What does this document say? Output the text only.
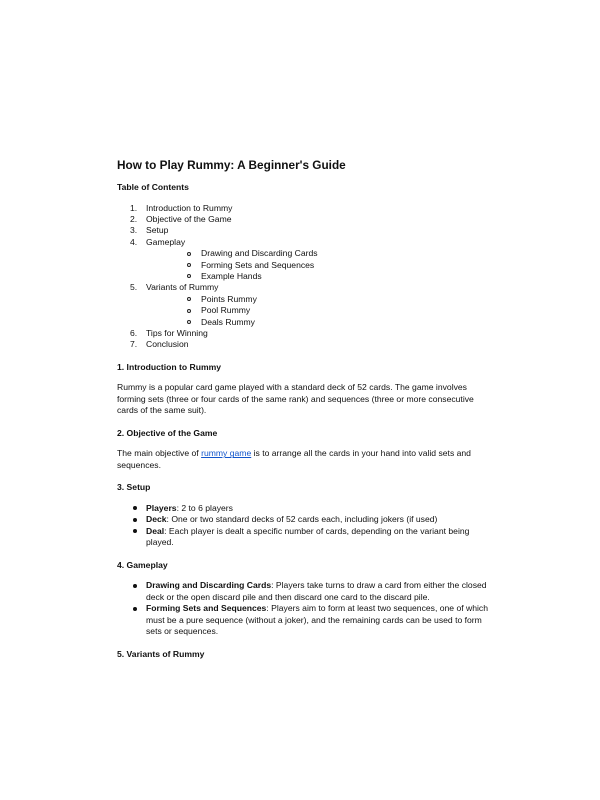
How to Play Rummy: A Beginner's Guide
Table of Contents
1. Introduction to Rummy
2. Objective of the Game
3. Setup
4. Gameplay
Drawing and Discarding Cards
Forming Sets and Sequences
Example Hands
5. Variants of Rummy
Points Rummy
Pool Rummy
Deals Rummy
6. Tips for Winning
7. Conclusion
1. Introduction to Rummy

Rummy is a popular card game played with a standard deck of 52 cards. The game involves forming sets (three or four cards of the same rank) and sequences (three or more consecutive cards of the same suit).

2. Objective of the Game

The main objective of rummy game is to arrange all the cards in your hand into valid sets and sequences.

3. Setup
Players: 2 to 6 players
Deck: One or two standard decks of 52 cards each, including jokers (if used)
Deal: Each player is dealt a specific number of cards, depending on the variant being played.
4. Gameplay
Drawing and Discarding Cards: Players take turns to draw a card from either the closed deck or the open discard pile and then discard one card to the discard pile.
Forming Sets and Sequences: Players aim to form at least two sequences, one of which must be a pure sequence (without a joker), and the remaining cards can be used to form sets or sequences.
5. Variants of Rummy
